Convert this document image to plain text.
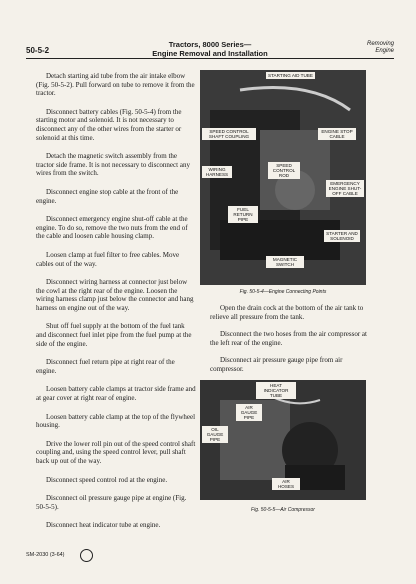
50-5-2
Tractors, 8000 Series—
Engine Removal and Installation
Removing
Engine

Detach starting aid tube from the air intake elbow (Fig. 50-5-2). Pull forward on tube to remove it from the tractor.

Disconnect battery cables (Fig. 50-5-4) from the starting motor and solenoid. It is not necessary to disconnect any of the other wires from the starter or solenoid at this time.

Detach the magnetic switch assembly from the tractor side frame. It is not necessary to disconnect any wires from the switch.

Disconnect engine stop cable at the front of the engine.

Disconnect emergency engine shut-off cable at the engine. To do so, remove the two nuts from the end of the cable and loosen cable housing clamp.

Loosen clamp at fuel filter to free cables. Move cables out of the way.

Disconnect wiring harness at connector just below the cowl at the right rear of the engine. Loosen the wiring harness clamp just below the connector and hang harness on engine out of the way.

Shut off fuel supply at the bottom of the fuel tank and disconnect fuel inlet pipe from the fuel pump at the side of the engine.

Disconnect fuel return pipe at right rear of the engine.

Loosen battery cable clamps at tractor side frame and at gear cover at right rear of engine.

Loosen battery cable clamp at the top of the flywheel housing.

Drive the lower roll pin out of the speed control shaft coupling and, using the speed control lever, pull shaft back up out of the way.

Disconnect speed control rod at the engine.

Disconnect oil pressure gauge pipe at engine (Fig. 50-5-5).

Disconnect heat indicator tube at engine.

STARTING AID TUBE
SPEED CONTROL SHAFT COUPLING
ENGINE STOP CABLE
WIRING HARNESS
SPEED CONTROL ROD
EMERGENCY ENGINE SHUT-OFF CABLE
FUEL RETURN PIPE
STARTER AND SOLENOID
MAGNETIC SWITCH
Fig. 50-5-4—Engine Connecting Points

Open the drain cock at the bottom of the air tank to relieve all pressure from the tank.

Disconnect the two hoses from the air compressor at the left rear of the engine.

Disconnect air pressure gauge pipe from air compressor.

HEAT INDICATOR TUBE
AIR GAUGE PIPE
OIL GAUGE PIPE
AIR HOSES
Fig. 50-5-5—Air Compressor
SM-2030 (3-64)
